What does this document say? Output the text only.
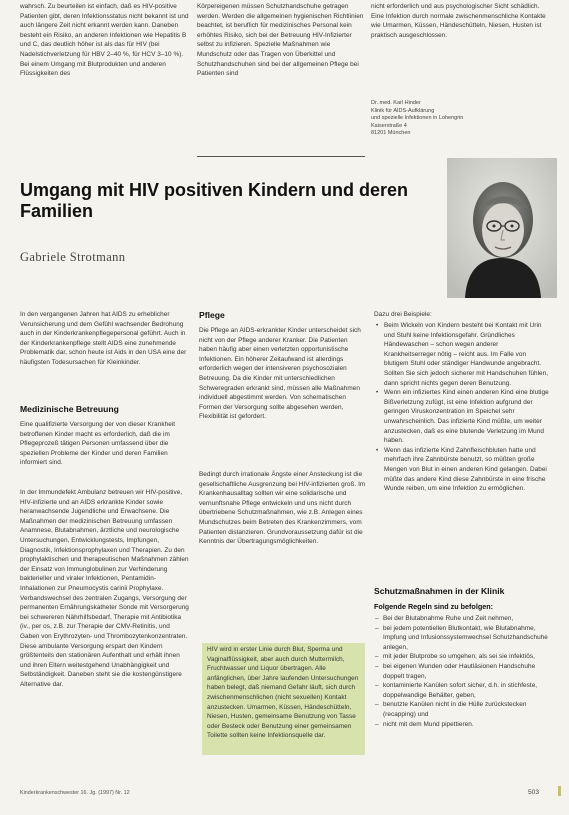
wahrsch. Zu beurteilen ist einfach, daß es HIV-positive Patienten gibt, deren Infektionsstatus nicht bekannt ist und auch längere Zeit nicht erkannt werden kann. Daneben besteht ein Risiko, an anderen Infektionen wie Hepatitis B und C, das deutlich höher ist als das für HIV (bei Nadelstichverletzung für HBV 2–40 %, für HCV 3–10 %). Bei einem Umgang mit Blutprodukten und anderen Flüssigkeiten des

Körpereigenen müssen Schutzhandschuhe getragen werden. Werden die allgemeinen hygienischen Richtlinien beachtet, ist beruflich für medizinisches Personal kein erhöhtes Risiko, sich bei der Betreuung HIV-Infizierter selbst zu infizieren. Spezielle Maßnahmen wie Mundschutz oder das Tragen von Überkittel und Schutzhandschuhen sind bei der allgemeinen Pflege bei Patienten sind

nicht erforderlich und aus psychologischer Sicht schädlich. Eine Infektion durch normale zwischenmenschliche Kontakte wie Umarmen, Küssen, Händeschütteln, Niesen, Husten ist praktisch ausgeschlossen.

Dr. med. Karl Hinder
Klinik für AIDS-Aufklärung
und spezielle Infektionen in Lohengrin
Kaiserstraße 4
81201 München
Umgang mit HIV positiven Kindern und deren Familien
Gabriele Strotmann
In den vergangenen Jahren hat AIDS zu erheblicher Verunsicherung und dem Gefühl wachsender Bedrohung auch in der Kinderkrankenpflegepersonal geführt. Auch in der Kinderkrankenpflege stellt AIDS eine zunehmende Problematik dar, schon heute ist Aids in den USA eine der häufigsten Todesursachen für Kleinkinder.
Medizinische Betreuung
Eine qualifizierte Versorgung der von dieser Krankheit betroffenen Kinder macht es erforderlich, daß die im Pflegeprozeß tätigen Personen umfassend über die speziellen Probleme der Kinder und deren Familien informiert sind.
In der Immundefekt Ambulanz betreuen wir HIV-positive, HIV-infizierte und an AIDS erkrankte Kinder sowie heranwachsende Jugendliche und Erwachsene. Die Maßnahmen der medizinischen Betreuung umfassen Anamnese, Blutabnahmen, ärztliche und neurologische Untersuchungen, Entwicklungstests, Impfungen, Diagnostik, Infektionsprophylaxen und Therapien. Zu den prophylaktischen und therapeutischen Maßnahmen zählen der Einsatz von Immunglobulinen zur Verhinderung bakterieller und viraler Infektionen, Pentamidin-Inhalationen zur Pneumocystis carinii Prophylaxe. Verbandswechsel des zentralen Zugangs, Versorgung der permanenten Ernährungskatheter Sonde mit Versorgerung bei schwereren Nährhilfsbedarf, Therapie mit Antibiotika (iv., per os, z.B. zur Therapie der CMV-Retinitis, und Gaben von Erythrozyten- und Thrombozytenkonzentraten. Diese ambulante Versorgung erspart den Kindern größtenteils den stationären Aufenthalt und erhält ihnen und ihren Eltern weitestgehend Unabhängigkeit und Selbständigkeit. Daneben steht sie die kostengünstigere Alternative dar.
Pflege
Die Pflege an AIDS-erkrankter Kinder unterscheidet sich nicht von der Pflege anderer Kranker. Die Patienten haben häufig aber einen verletzten opportunistische Infektionen. Ein höherer Zeitaufwand ist allerdings erforderlich wegen der intensiveren psychosozialen Betreuung. Da die Kinder mit unterschiedlichen Schweregraden erkrankt sind, müssen alle Maßnahmen individuell abgestimmt werden. Von schematischen Formen der Versorgung sollte abgesehen werden, Flexibilität ist gefordert.
Bedingt durch irrationale Ängste einer Ansteckung ist die gesellschaftliche Ausgrenzung bei HIV-infizierten groß. Im Krankenhausalltag sollten wir eine solidarische und vernunftsnahe Pflege entwickeln und uns nicht durch übertriebene Schutzmaßnahmen, wie z.B. Anlegen eines Mundschutzes beim Betreten des Krankenzimmers, vom Patienten distanzieren. Grundvoraussetzung dafür ist die Kenntnis der Übertragungsmöglichkeiten.
HIV wird in erster Linie durch Blut, Sperma und Vaginalflüssigkeit, aber auch durch Muttermilch, Fruchtwasser und Liquor übertragen. Alle anfänglichen, über Jahre laufenden Untersuchungen haben belegt, daß niemand Gefahr läuft, sich durch zwischenmenschlichen (nicht sexuellen) Kontakt anzustecken. Umarmen, Küssen, Händeschütteln, Niesen, Husten, gemeinsame Benutzung von Tasse oder Besteck oder Benutzung einer gemeinsamen Toilette sollten keine Infektionsquelle dar.
Dazu drei Beispiele:
• Beim Wickeln von Kindern besteht bei Kontakt mit Urin und Stuhl keine Infektionsgefahr. Gründliches Händewaschen – schon wegen anderer Krankheitserreger nötig – reicht aus. Im Falle von blutigem Stuhl oder ständiger Handwunde angebracht. Sollten Sie sich jedoch sicherer mit Handschuhen fühlen, dann spricht nichts gegen deren Benutzung.
• Wenn ein infiziertes Kind einen anderen Kind eine blutige Bißverletzung zufügt, ist eine Infektion aufgrund der geringen Viruskonzentration im Speichel sehr unwahrscheinlich. Das infizierte Kind müßte, um weiter anzustecken, daß es eine blutende Verletzung im Mund haben.
• Wenn das infizierte Kind Zahnfleischbluten hatte und mehrfach ihre Zahnbürste benutzt, so müßten große Mengen von Blut in einen anderen Kind gelangen. Dabei müßte das andere Kind diese Zahnbürste in eine frische Wunde reiben, um eine Infektion zu ermöglichen.
Schutzmaßnahmen in der Klinik
Folgende Regeln sind zu befolgen:
– Bei der Blutabnahme Ruhe und Zeit nehmen,
– bei jedem potentiellen Blutkontakt, wie Blutabnahme, Impfung und Infusionssystemwechsel Schutzhandschuhe anlegen,
– mit jeder Blutprobe so umgehen, als sei sie infektiös,
– bei eigenen Wunden oder Hautläsionen Handschuhe doppelt tragen,
– kontaminierte Kanülen sofort sicher, d.h. in stichfeste, doppelwandige Behälter, geben,
– benutzte Kanülen nicht in die Hülle zurückstecken (recapping) und
– nicht mit dem Mund pipettieren.
Kinderkrankenschwester 16. Jg. (1997) Nr. 12	503
